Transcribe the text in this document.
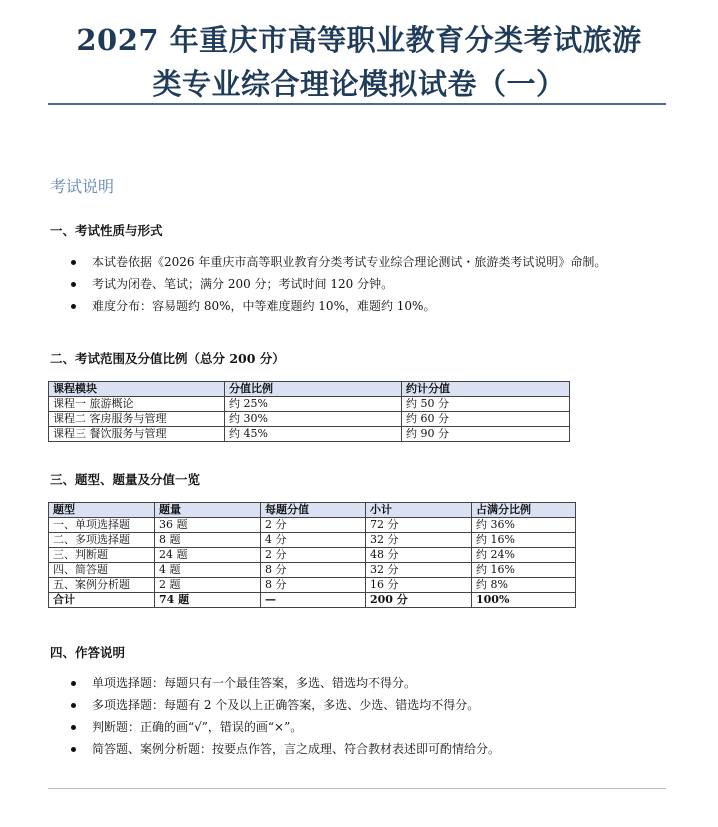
2027 年重庆市高等职业教育分类考试旅游
类专业综合理论模拟试卷（一）
考试说明
一、考试性质与形式
本试卷依据《2026 年重庆市高等职业教育分类考试专业综合理论测试・旅游类考试说明》命制。
考试为闭卷、笔试；满分 200 分；考试时间 120 分钟。
难度分布：容易题约 80%，中等难度题约 10%，难题约 10%。
二、考试范围及分值比例（总分 200 分）
课程模块	分值比例	约计分值
课程一 旅游概论	约 25%	约 50 分
课程二 客房服务与管理	约 30%	约 60 分
课程三 餐饮服务与管理	约 45%	约 90 分
三、题型、题量及分值一览
题型	题量	每题分值	小计	占满分比例
一、单项选择题	36 题	2 分	72 分	约 36%
二、多项选择题	8 题	4 分	32 分	约 16%
三、判断题	24 题	2 分	48 分	约 24%
四、简答题	4 题	8 分	32 分	约 16%
五、案例分析题	2 题	8 分	16 分	约 8%
合计	74 题	—	200 分	100%
四、作答说明
单项选择题：每题只有一个最佳答案，多选、错选均不得分。
多项选择题：每题有 2 个及以上正确答案，多选、少选、错选均不得分。
判断题：正确的画“√”，错误的画“×”。
简答题、案例分析题：按要点作答，言之成理、符合教材表述即可酌情给分。
